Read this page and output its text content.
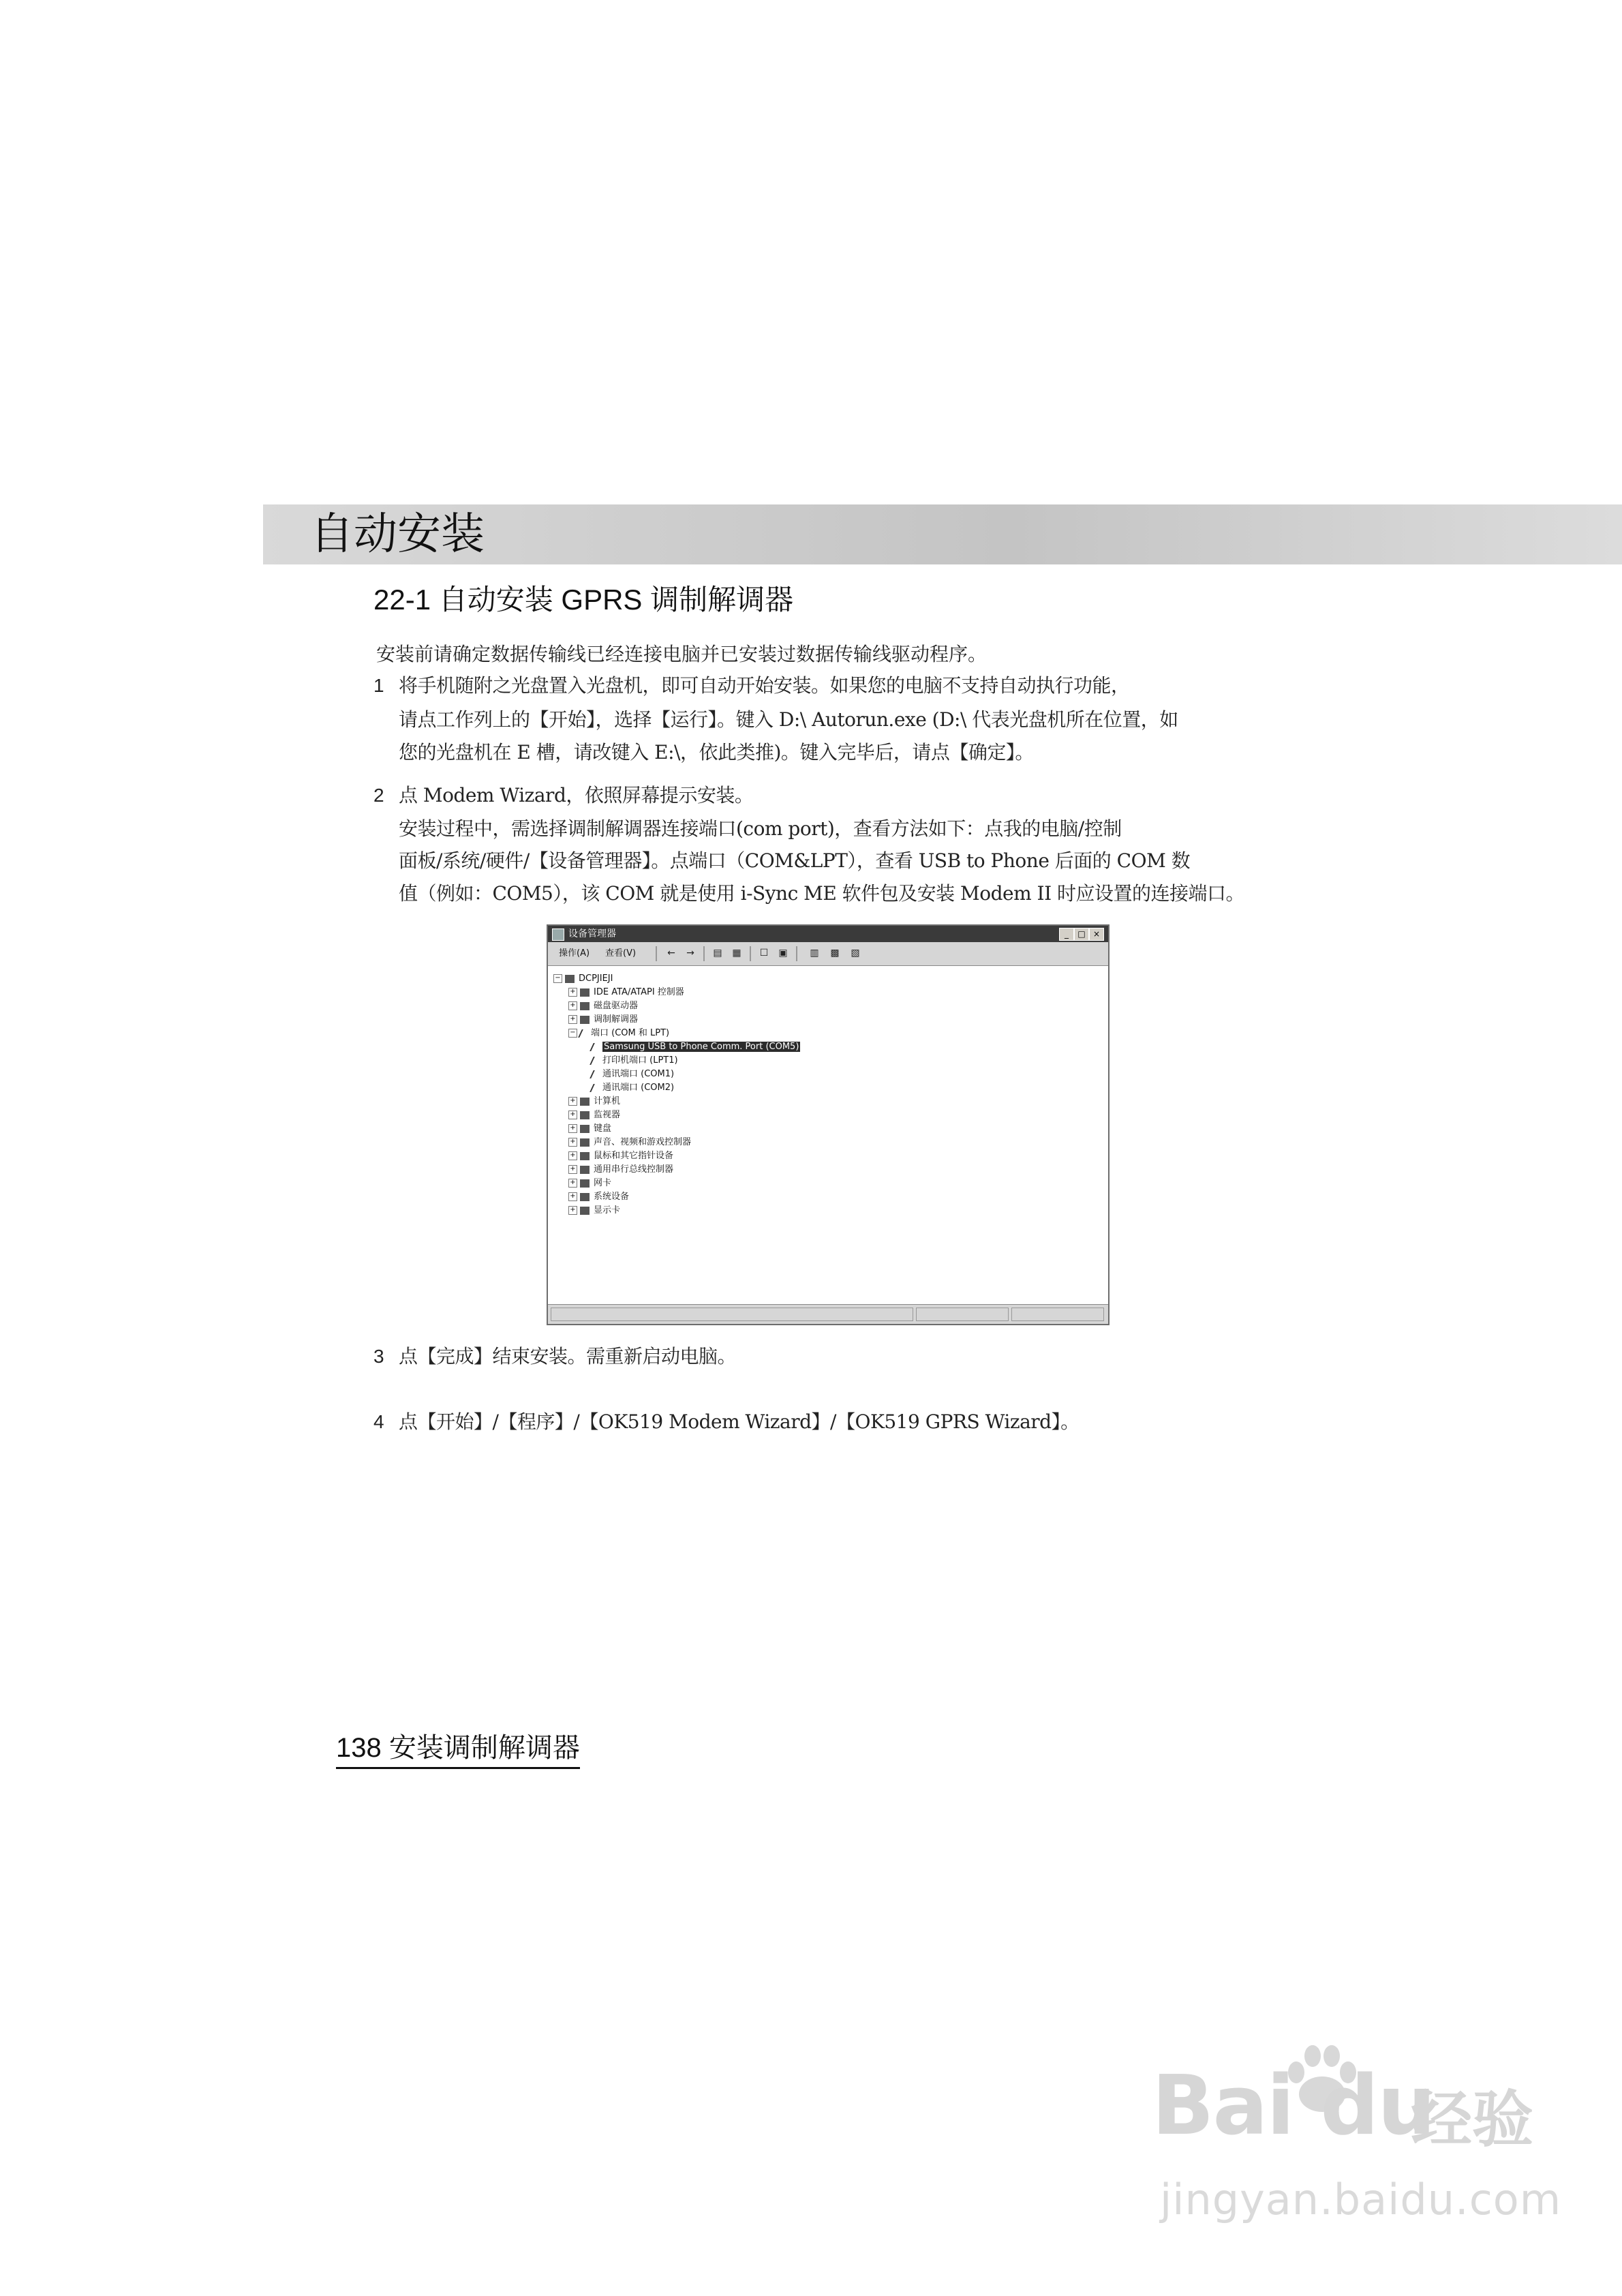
自动安装
22-1 自动安装 GPRS 调制解调器
安装前请确定数据传输线已经连接电脑并已安装过数据传输线驱动程序。
1 将手机随附之光盘置入光盘机，即可自动开始安装。如果您的电脑不支持自动执行功能，
请点工作列上的【开始】，选择【运行】。键入 D:\ Autorun.exe (D:\ 代表光盘机所在位置，如
您的光盘机在 E 槽，请改键入 E:\，依此类推)。键入完毕后，请点【确定】。
2 点 Modem Wizard，依照屏幕提示安装。
安装过程中，需选择调制解调器连接端口(com port)，查看方法如下：点我的电脑/控制
面板/系统/硬件/【设备管理器】。点端口（COM&LPT），查看 USB to Phone 后面的 COM 数
值（例如：COM5），该 COM 就是使用 i-Sync ME 软件包及安装 Modem II 时应设置的连接端口。
设备管理器	_	□ ×
操作(A)	查看(V)	←	→	▤	▦	☐	▣	▥	▩	▧
− DCPJIEJI
+ IDE ATA/ATAPI 控制器
+ 磁盘驱动器
+ 调制解调器
− 端口 (COM 和 LPT)
Samsung USB to Phone Comm. Port (COM5)
打印机端口 (LPT1)
通讯端口 (COM1)
通讯端口 (COM2)
+ 计算机
+ 监视器
+ 键盘
+ 声音、视频和游戏控制器
+ 鼠标和其它指针设备
+ 通用串行总线控制器
+ 网卡
+ 系统设备
+ 显示卡
3 点【完成】结束安装。需重新启动电脑。
4 点【开始】/【程序】/【OK519 Modem Wizard】/【OK519 GPRS Wizard】。
138 安装调制解调器
Bai du
经验
jingyan.baidu.com
